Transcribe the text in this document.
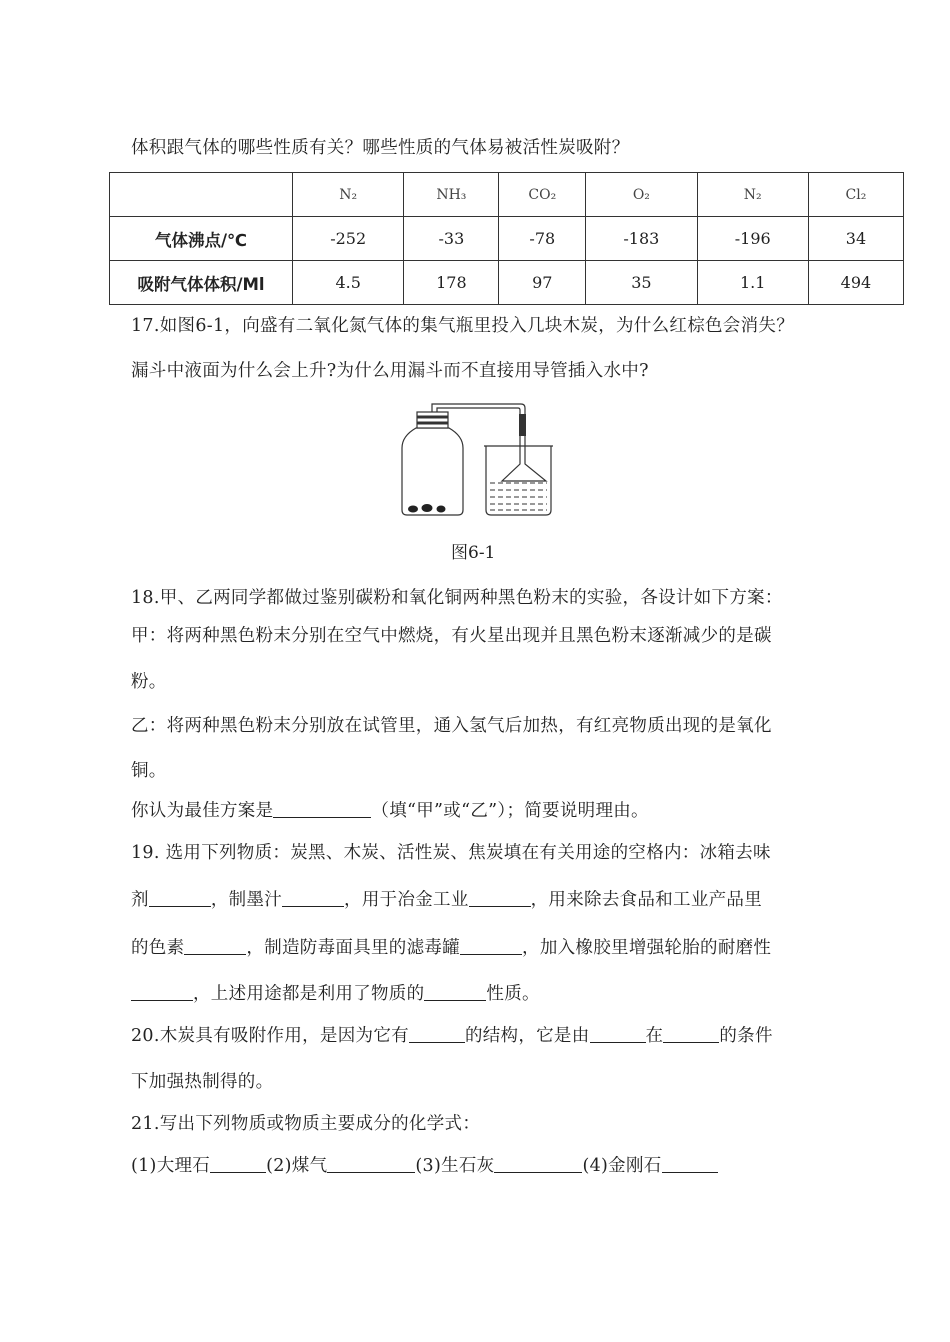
体积跟气体的哪些性质有关？哪些性质的气体易被活性炭吸附？
	N₂	NH₃	CO₂	O₂	N₂	Cl₂
气体沸点/℃	-252	-33	-78	-183	-196	34
吸附气体体积/Ml	4.5	178	97	35	1.1	494
17.如图6-1，向盛有二氧化氮气体的集气瓶里投入几块木炭，为什么红棕色会消失？
漏斗中液面为什么会上升?为什么用漏斗而不直接用导管插入水中?
图6-1
18.甲、乙两同学都做过鉴别碳粉和氧化铜两种黑色粉末的实验，各设计如下方案：
甲：将两种黑色粉末分别在空气中燃烧，有火星出现并且黑色粉末逐渐减少的是碳
粉。
乙：将两种黑色粉末分别放在试管里，通入氢气后加热，有红亮物质出现的是氧化
铜。
你认为最佳方案是	（填“甲”或“乙”）；简要说明理由。
19. 选用下列物质：炭黑、木炭、活性炭、焦炭填在有关用途的空格内：冰箱去味
剂	，制墨汁	，用于冶金工业	，用来除去食品和工业产品里
的色素	，制造防毒面具里的滤毒罐	，加入橡胶里增强轮胎的耐磨性
，上述用途都是利用了物质的	性质。
20.木炭具有吸附作用，是因为它有	的结构，它是由	在	的条件
下加强热制得的。
21.写出下列物质或物质主要成分的化学式：
(1)大理石	(2)煤气	(3)生石灰	(4)金刚石
